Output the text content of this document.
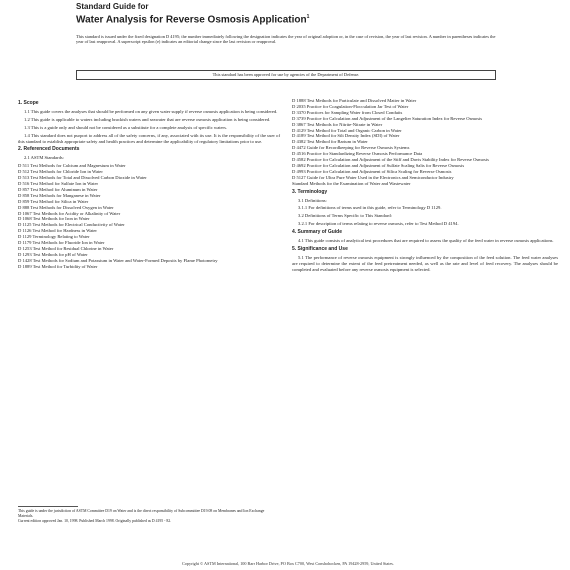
Standard Guide for
Water Analysis for Reverse Osmosis Application$^1$
This standard is issued under the fixed designation D 4195; the number immediately following the designation indicates the year of original adoption or, in the case of revision, the year of last revision. A number in parentheses indicates the year of last reapproval. A superscript epsilon (e) indicates an editorial change since the last revision or reapproval.
This standard has been approved for use by agencies of the Department of Defense.
1. Scope

1.1 This guide covers the analyses that should be performed on any given water supply if reverse osmosis application is being considered.

1.2 This guide is applicable to waters including brackish waters and seawater that are reverse osmosis application is being considered.

1.3 This is a guide only and should not be considered as a substitute for a complete analysis of specific waters.

1.4 This standard does not purport to address all of the safety concerns, if any, associated with its use. It is the responsibility of the user of this standard to establish appropriate safety and health practices and determine the applicability of regulatory limitations prior to use.

2. Referenced Documents

2.1 ASTM Standards:

D 511 Test Methods for Calcium and Magnesium in Water

D 512 Test Methods for Chloride Ion in Water

D 513 Test Methods for Total and Dissolved Carbon Dioxide in Water

D 516 Test Method for Sulfate Ion in Water

D 857 Test Method for Aluminum in Water

D 858 Test Methods for Manganese in Water

D 859 Test Method for Silica in Water

D 888 Test Methods for Dissolved Oxygen in Water

D 1067 Test Methods for Acidity or Alkalinity of Water

D 1068 Test Methods for Iron in Water

D 1125 Test Methods for Electrical Conductivity of Water

D 1126 Test Method for Hardness in Water

D 1129 Terminology Relating to Water

D 1179 Test Methods for Fluoride Ion in Water

D 1253 Test Method for Residual Chlorine in Water

D 1293 Test Methods for pH of Water

D 1428 Test Methods for Sodium and Potassium in Water and Water-Formed Deposits by Flame Photometry

D 1889 Test Method for Turbidity of Water

D 1888 Test Methods for Particulate and Dissolved Matter in Water

D 2035 Practice for Coagulation-Flocculation Jar Test of Water

D 3370 Practices for Sampling Water from Closed Conduits

D 3739 Practice for Calculation and Adjustment of the Langelier Saturation Index for Reverse Osmosis

D 3867 Test Methods for Nitrite-Nitrate in Water

D 4129 Test Method for Total and Organic Carbon in Water

D 4189 Test Method for Silt Density Index (SDI) of Water

D 4382 Test Method for Barium in Water

D 4472 Guide for Recordkeeping for Reverse Osmosis Systems

D 4516 Practice for Standardizing Reverse Osmosis Performance Data

D 4582 Practice for Calculation and Adjustment of the Stiff and Davis Stability Index for Reverse Osmosis

D 4692 Practice for Calculation and Adjustment of Sulfate Scaling Salts for Reverse Osmosis

D 4993 Practice for Calculation and Adjustment of Silica Scaling for Reverse Osmosis

D 5127 Guide for Ultra Pure Water Used in the Electronics and Semiconductor Industry

Standard Methods for the Examination of Water and Wastewater

3. Terminology

3.1 Definitions:

3.1.1 For definitions of terms used in this guide, refer to Terminology D 1129.

3.2 Definitions of Terms Specific to This Standard:

3.2.1 For description of terms relating to reverse osmosis, refer to Test Method D 4194.

4. Summary of Guide

4.1 This guide consists of analytical test procedures that are required to assess the quality of the feed water in reverse osmosis applications.

5. Significance and Use

5.1 The performance of reverse osmosis equipment is strongly influenced by the composition of the feed solution. The feed water analyses are required to determine the extent of the feed pretreatment needed, as well as the rate and level of feed recovery. The analyses should be completed and evaluated before any reverse osmosis equipment is selected.

This guide is under the jurisdiction of ASTM Committee D19 on Water and is the direct responsibility of Subcommittee D19.08 on Membranes and Ion Exchange Materials.
Current edition approved Jan. 10, 1998. Published March 1998. Originally published as D 4195 - 82.
Copyright © ASTM International, 100 Barr Harbor Drive, PO Box C700, West Conshohocken, PA 19428-2959, United States.
